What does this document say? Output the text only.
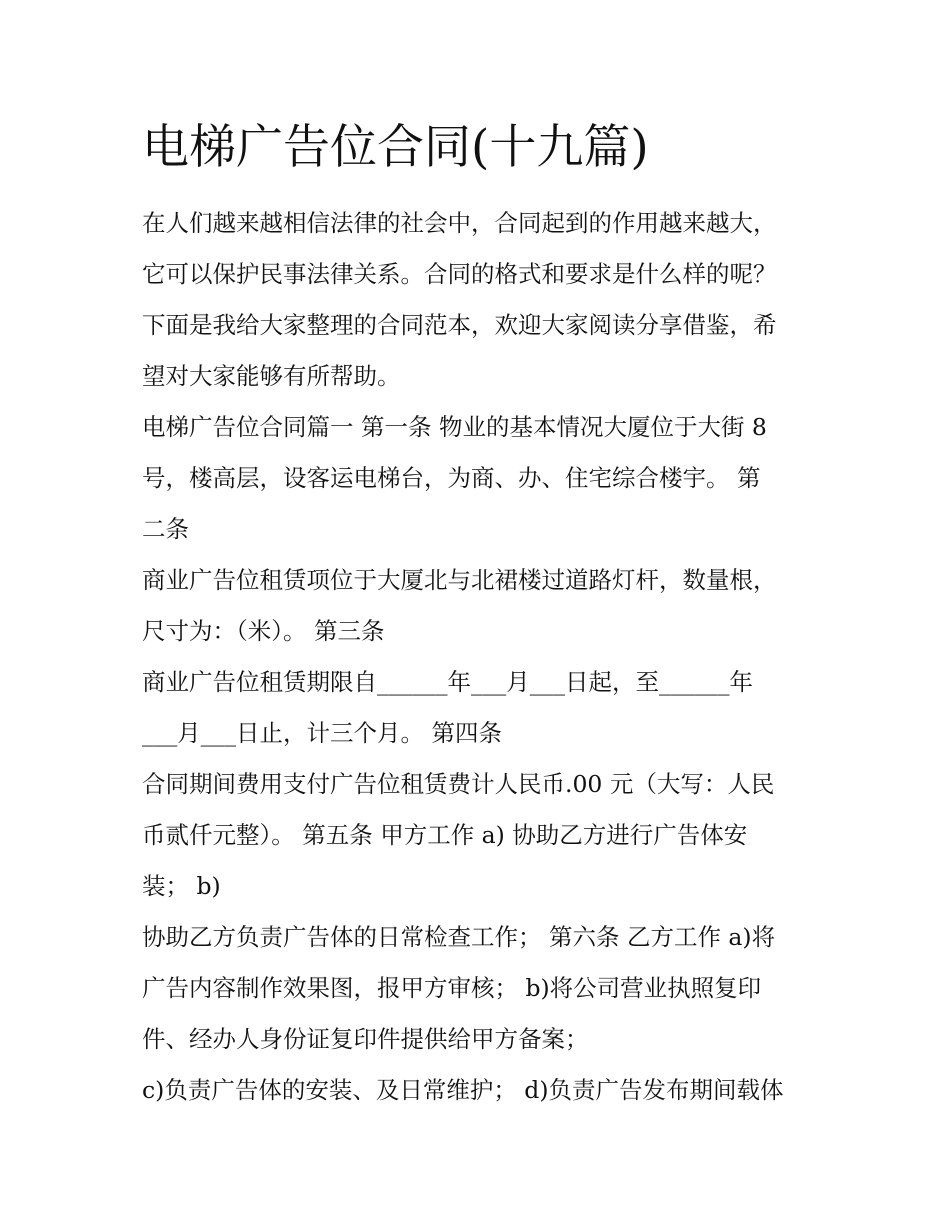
电梯广告位合同(十九篇)
在人们越来越相信法律的社会中，合同起到的作用越来越大，
它可以保护民事法律关系。合同的格式和要求是什么样的呢？
下面是我给大家整理的合同范本，欢迎大家阅读分享借鉴，希
望对大家能够有所帮助。
电梯广告位合同篇一 第一条 物业的基本情况大厦位于大街 8
号，楼高层，设客运电梯台，为商、办、住宅综合楼宇。 第
二条
商业广告位租赁项位于大厦北与北裙楼过道路灯杆，数量根，
尺寸为：（米）。 第三条
商业广告位租赁期限自______年___月___日起，至______年
___月___日止，计三个月。 第四条
合同期间费用支付广告位租赁费计人民币.00 元（大写：人民
币贰仟元整）。 第五条 甲方工作 a) 协助乙方进行广告体安
装； b)
协助乙方负责广告体的日常检查工作； 第六条 乙方工作 a)将
广告内容制作效果图，报甲方审核； b)将公司营业执照复印
件、经办人身份证复印件提供给甲方备案；
c)负责广告体的安装、及日常维护； d)负责广告发布期间载体
